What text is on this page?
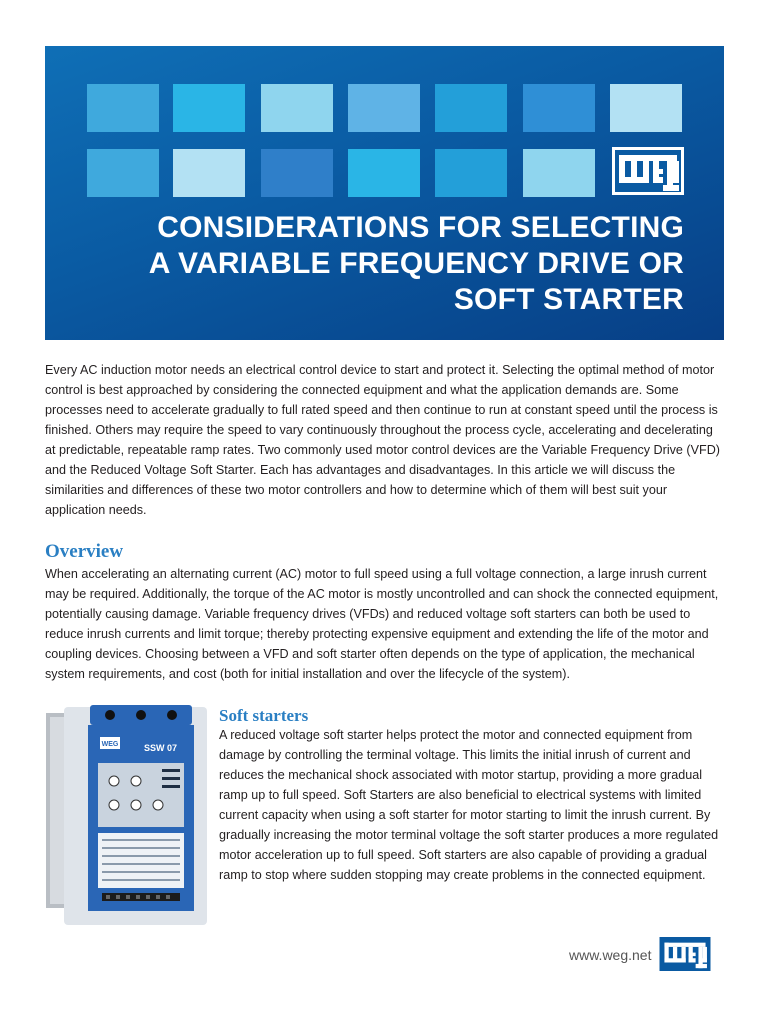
CONSIDERATIONS FOR SELECTING
A VARIABLE FREQUENCY DRIVE OR
SOFT STARTER

Every AC induction motor needs an electrical control device to start and protect it. Selecting the optimal method of motor control is best approached by considering the connected equipment and what the application demands are. Some processes need to accelerate gradually to full rated speed and then continue to run at constant speed until the process is finished. Others may require the speed to vary continuously throughout the process cycle, accelerating and decelerating at predictable, repeatable ramp rates. Two commonly used motor control devices are the Variable Frequency Drive (VFD) and the Reduced Voltage Soft Starter. Each has advantages and disadvantages. In this article we will discuss the similarities and differences of these two motor controllers and how to determine which of them will best suit your application needs.

Overview

When accelerating an alternating current (AC) motor to full speed using a full voltage connection, a large inrush current may be required. Additionally, the torque of the AC motor is mostly uncontrolled and can shock the connected equipment, potentially causing damage. Variable frequency drives (VFDs) and reduced voltage soft starters can both be used to reduce inrush currents and limit torque; thereby protecting expensive equipment and extending the life of the motor and coupling devices. Choosing between a VFD and soft starter often depends on the type of application, the mechanical system requirements, and cost (both for initial installation and over the lifecycle of the system).

WEG	SSW 07
Soft starters

A reduced voltage soft starter helps protect the motor and connected equipment from damage by controlling the terminal voltage. This limits the initial inrush of current and reduces the mechanical shock associated with motor startup, providing a more gradual ramp up to full speed. Soft Starters are also beneficial to electrical systems with limited current capacity when using a soft starter for motor starting to limit the inrush current. By gradually increasing the motor terminal voltage the soft starter produces a more regulated motor acceleration up to full speed. Soft starters are also capable of providing a gradual ramp to stop where sudden stopping may create problems in the connected equipment.

www.weg.net
